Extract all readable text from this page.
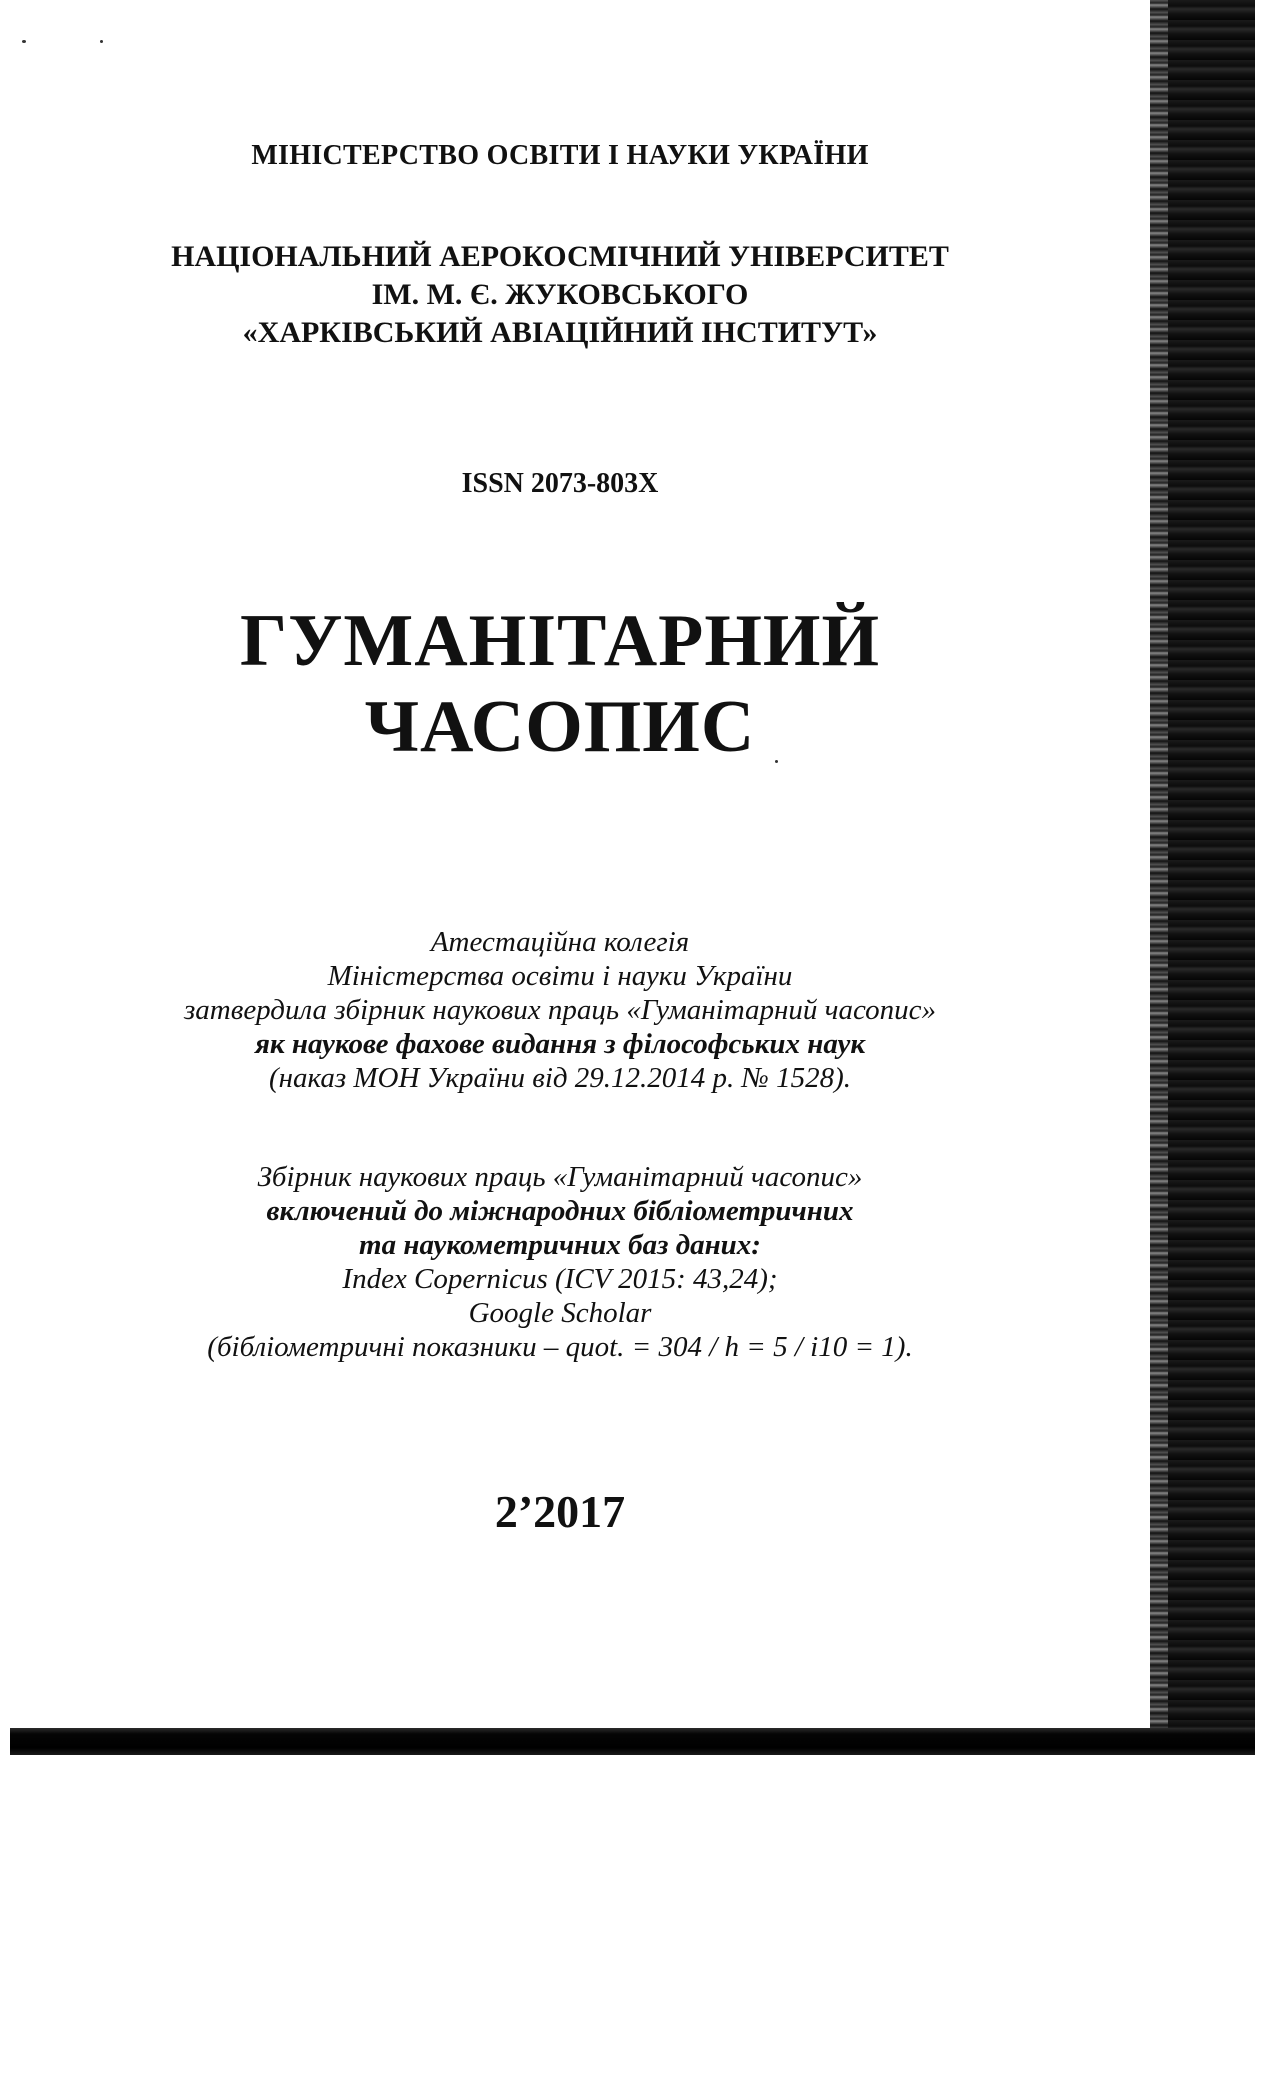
МІНІСТЕРСТВО ОСВІТИ І НАУКИ УКРАЇНИ
НАЦІОНАЛЬНИЙ АЕРОКОСМІЧНИЙ УНІВЕРСИТЕТ
ІМ. М. Є. ЖУКОВСЬКОГО
«ХАРКІВСЬКИЙ АВІАЦІЙНИЙ ІНСТИТУТ»
ISSN 2073-803X
ГУМАНІТАРНИЙ
ЧАСОПИС
Атестаційна колегія
Міністерства освіти і науки України
затвердила збірник наукових праць «Гуманітарний часопис»
як наукове фахове видання з філософських наук
(наказ МОН України від 29.12.2014 р. № 1528).
Збірник наукових праць «Гуманітарний часопис»
включений до міжнародних бібліометричних
та наукометричних баз даних:
Index Copernicus (ICV 2015: 43,24);
Google Scholar
(бібліометричні показники – quot. = 304 / h = 5 / i10 = 1).
2’2017
